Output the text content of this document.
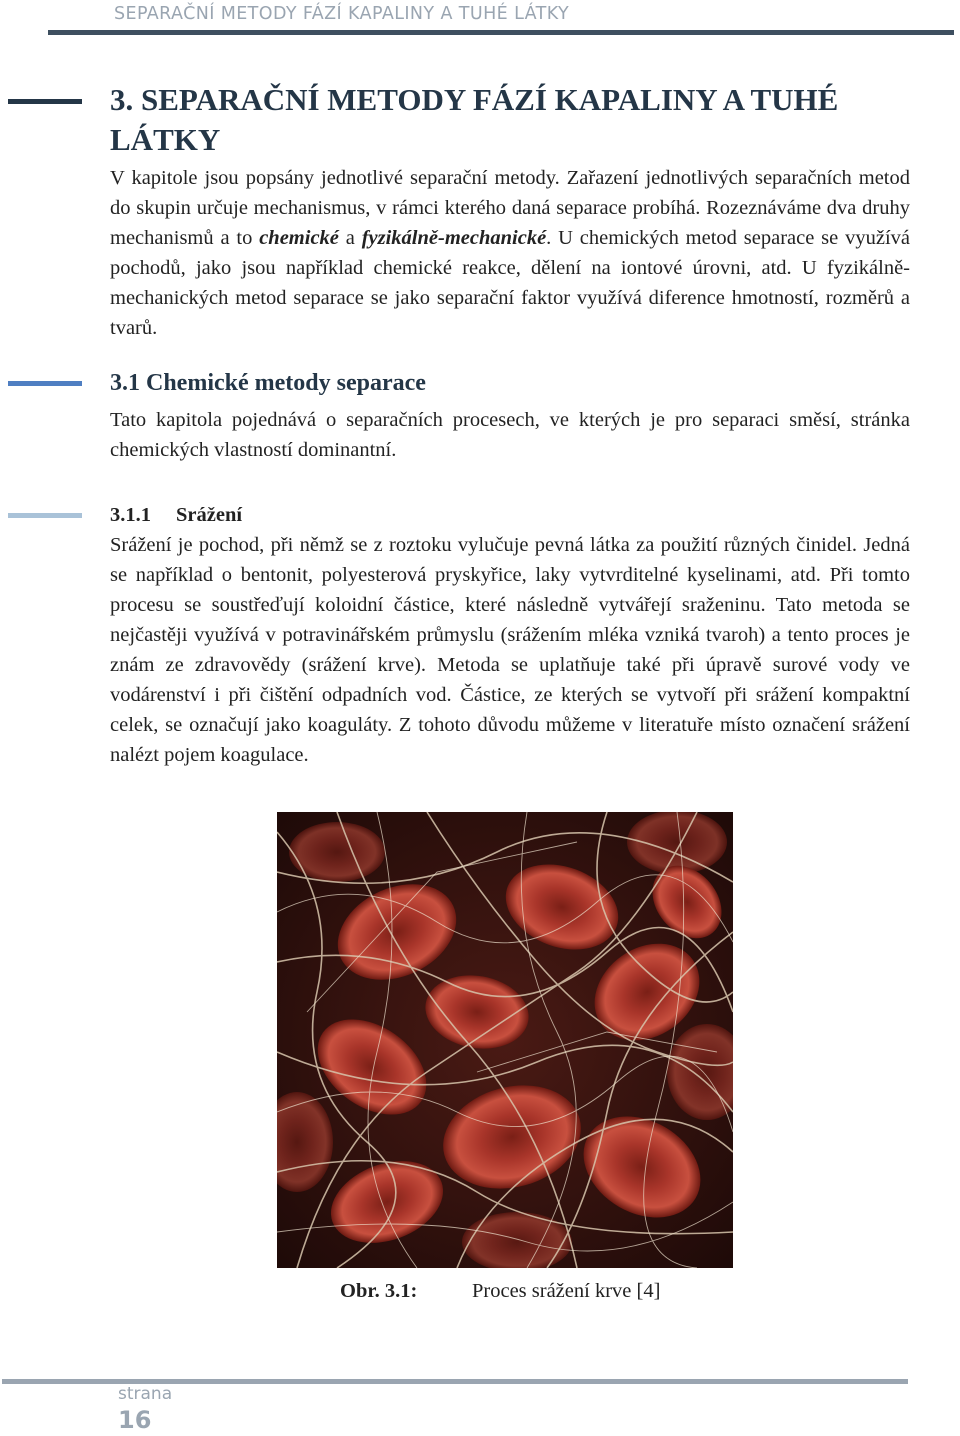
SEPARAČNÍ METODY FÁZÍ KAPALINY A TUHÉ LÁTKY
3. SEPARAČNÍ METODY FÁZÍ KAPALINY A TUHÉ LÁTKY

V kapitole jsou popsány jednotlivé separační metody. Zařazení jednotlivých separačních metod do skupin určuje mechanismus, v rámci kterého daná separace probíhá. Rozeznáváme dva druhy mechanismů a to chemické a fyzikálně-mechanické. U chemických metod separace se využívá pochodů, jako jsou například chemické reakce, dělení na iontové úrovni, atd. U fyzikálně-mechanických metod separace se jako separační faktor využívá diference hmotností, rozměrů a tvarů.

3.1 Chemické metody separace

Tato kapitola pojednává o separačních procesech, ve kterých je pro separaci směsí, stránka chemických vlastností dominantní.

3.1.1 Srážení

Srážení je pochod, při němž se z roztoku vylučuje pevná látka za použití různých činidel. Jedná se například o bentonit, polyesterová pryskyřice, laky vytvrditelné kyselinami, atd. Při tomto procesu se soustřeďují koloidní částice, které následně vytvářejí sraženinu. Tato metoda se nejčastěji využívá v potravinářském průmyslu (srážením mléka vzniká tvaroh) a tento proces je znám ze zdravovědy (srážení krve). Metoda se uplatňuje také při úpravě surové vody ve vodárenství i při čištění odpadních vod. Částice, ze kterých se vytvoří při srážení kompaktní celek, se označují jako koaguláty. Z tohoto důvodu můžeme v literatuře místo označení srážení nalézt pojem koagulace.

Obr. 3.1:	Proces srážení krve [4]
strana
16
